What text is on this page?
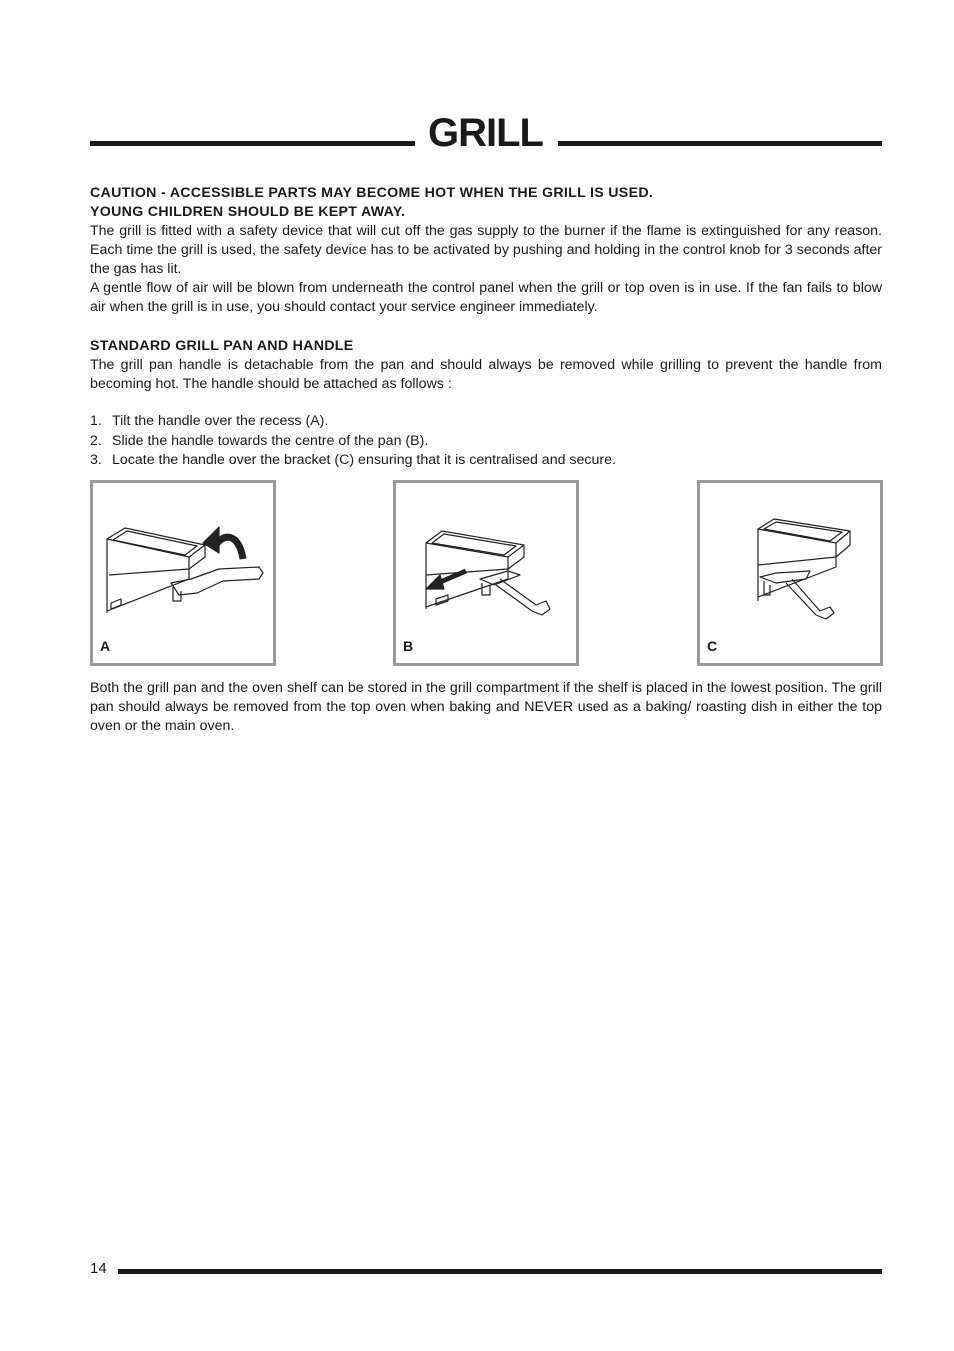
GRILL

CAUTION - ACCESSIBLE PARTS MAY BECOME HOT WHEN THE GRILL IS USED.

YOUNG CHILDREN SHOULD BE KEPT AWAY.

The grill is fitted with a safety device that will cut off the gas supply to the burner if the flame is extinguished for any reason. Each time the grill is used, the safety device has to be activated by pushing and holding in the control knob for 3 seconds after the gas has lit.

A gentle flow of air will be blown from underneath the control panel when the grill or top oven is in use. If the fan fails to blow air when the grill is in use, you should contact your service engineer immediately.

STANDARD GRILL PAN AND HANDLE

The grill pan handle is detachable from the pan and should always be removed while grilling to prevent the handle from becoming hot. The handle should be attached as follows :

1. Tilt the handle over the recess (A).
2. Slide the handle towards the centre of the pan (B).
3. Locate the handle over the bracket (C) ensuring that it is centralised and secure.
A	B	C

Both the grill pan and the oven shelf can be stored in the grill compartment if the shelf is placed in the lowest position. The grill pan should always be removed from the top oven when baking and NEVER used as a baking/ roasting dish in either the top oven or the main oven.

14
